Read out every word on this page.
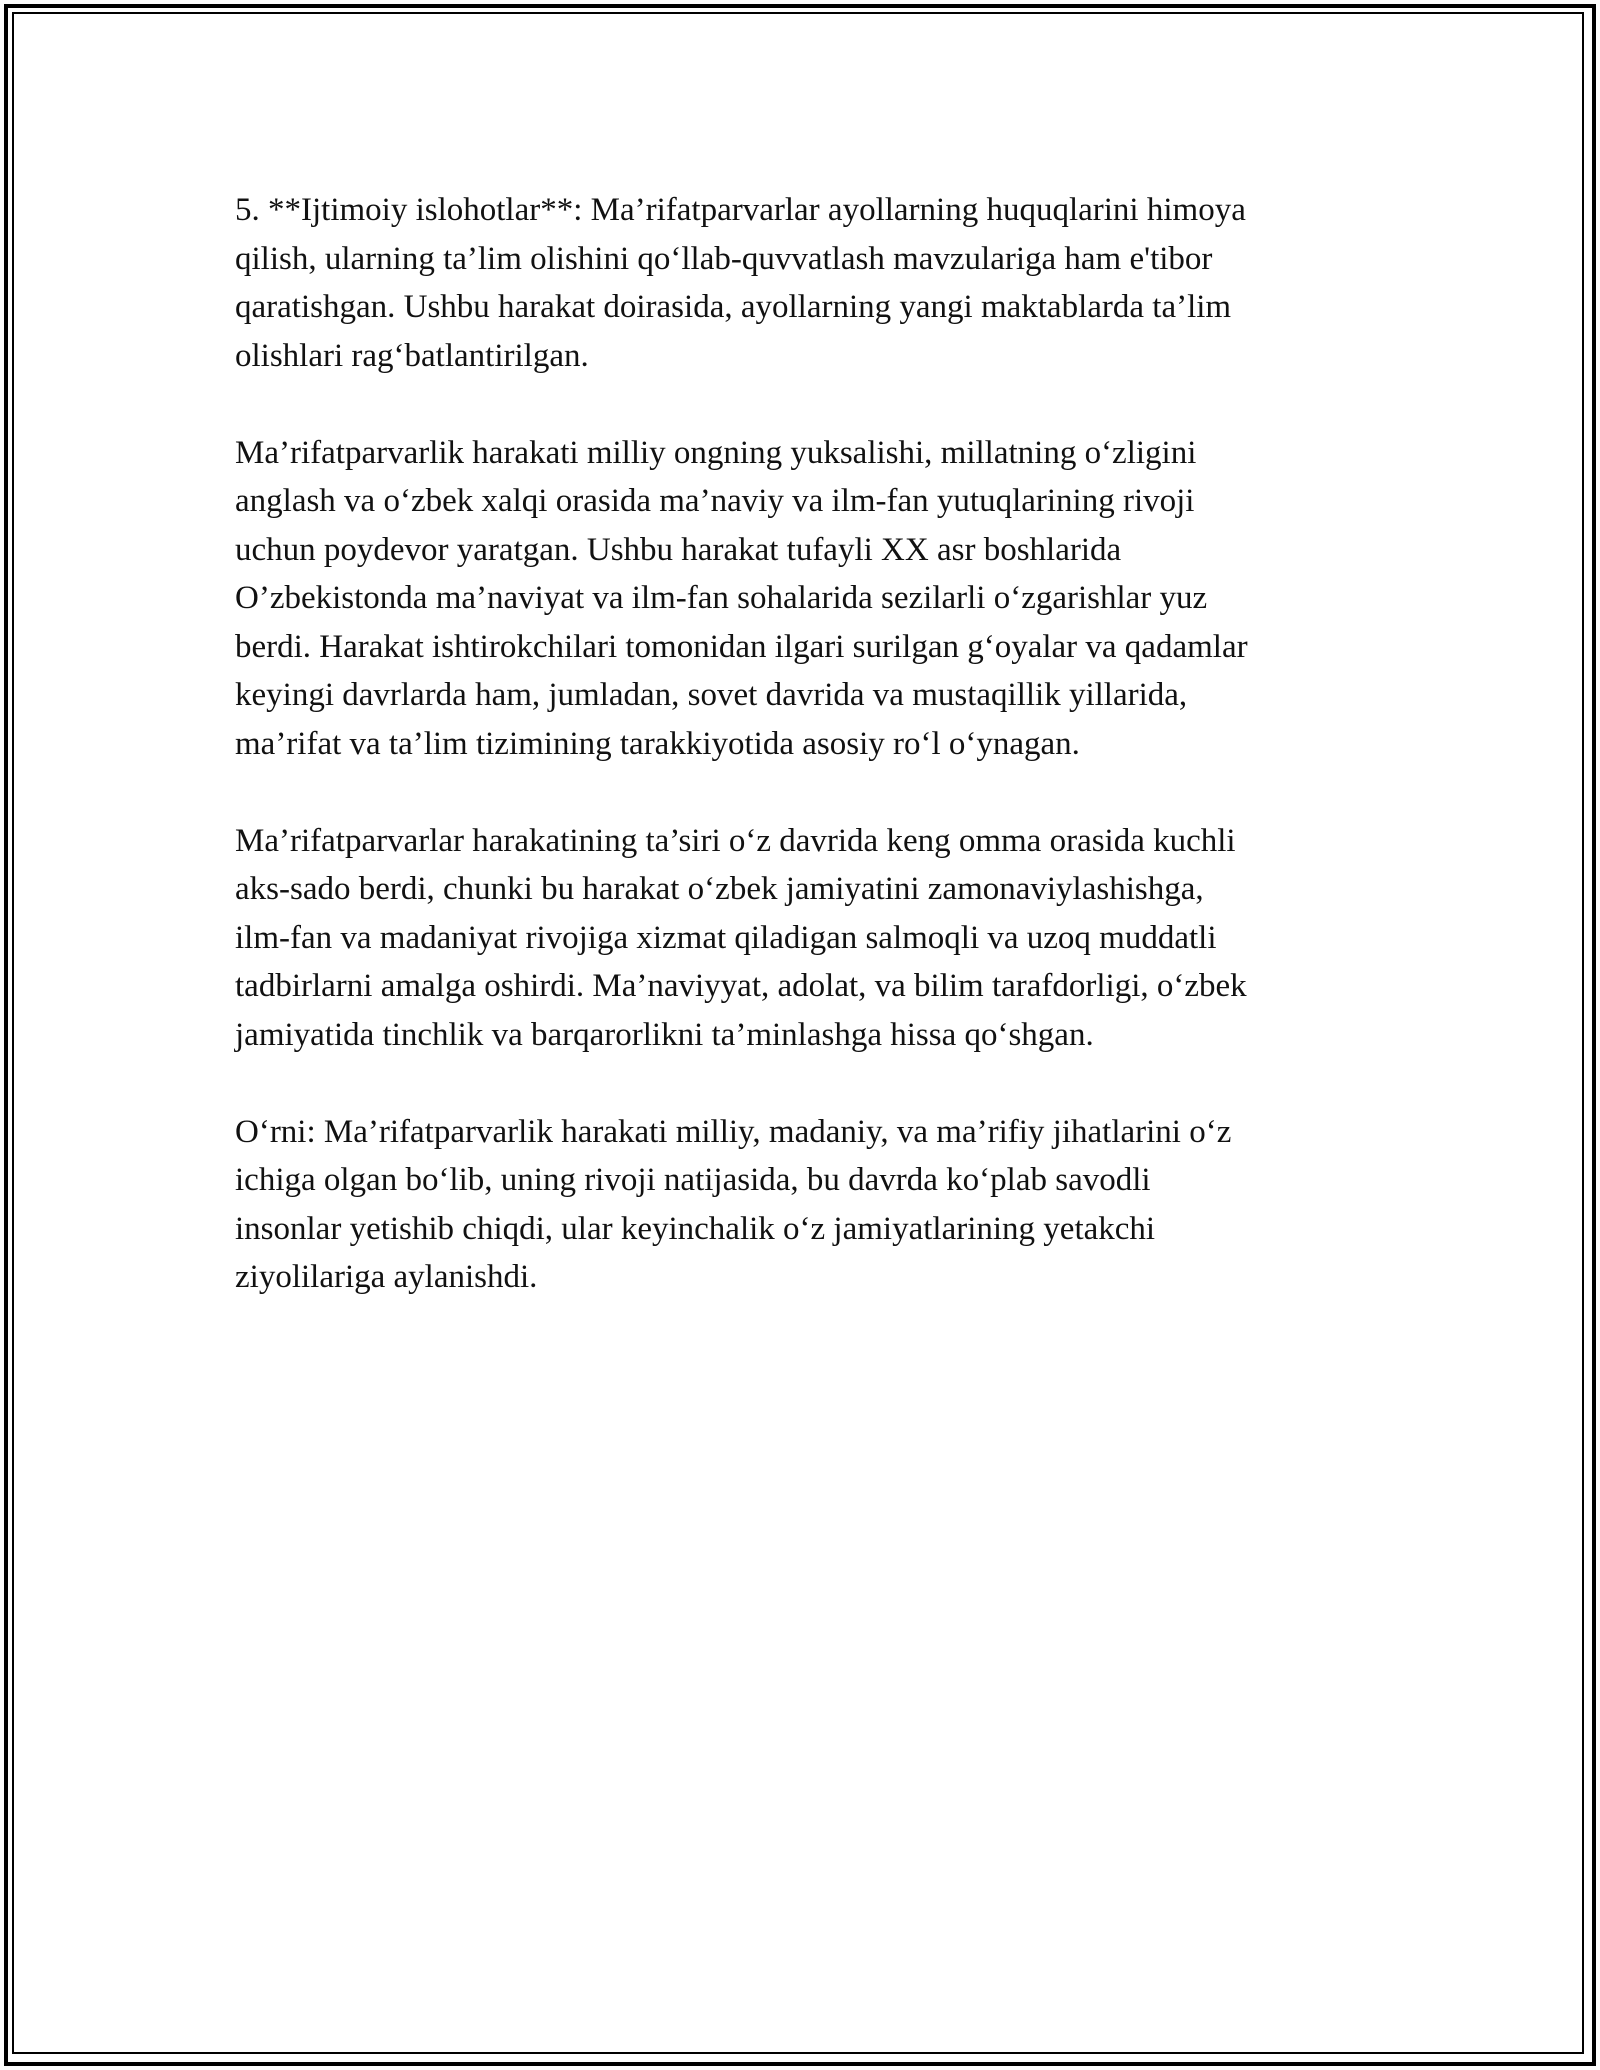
5. **Ijtimoiy islohotlar**: Ma’rifatparvarlar ayollarning huquqlarini himoya
qilish, ularning ta’lim olishini qo‘llab-quvvatlash mavzulariga ham e'tibor
qaratishgan. Ushbu harakat doirasida, ayollarning yangi maktablarda ta’lim
olishlari rag‘batlantirilgan.

Ma’rifatparvarlik harakati milliy ongning yuksalishi, millatning o‘zligini
anglash va o‘zbek xalqi orasida ma’naviy va ilm-fan yutuqlarining rivoji
uchun poydevor yaratgan. Ushbu harakat tufayli XX asr boshlarida
O’zbekistonda ma’naviyat va ilm-fan sohalarida sezilarli o‘zgarishlar yuz
berdi. Harakat ishtirokchilari tomonidan ilgari surilgan g‘oyalar va qadamlar
keyingi davrlarda ham, jumladan, sovet davrida va mustaqillik yillarida,
ma’rifat va ta’lim tizimining tarakkiyotida asosiy ro‘l o‘ynagan.

Ma’rifatparvarlar harakatining ta’siri o‘z davrida keng omma orasida kuchli
aks-sado berdi, chunki bu harakat o‘zbek jamiyatini zamonaviylashishga,
ilm-fan va madaniyat rivojiga xizmat qiladigan salmoqli va uzoq muddatli
tadbirlarni amalga oshirdi. Ma’naviyyat, adolat, va bilim tarafdorligi, o‘zbek
jamiyatida tinchlik va barqarorlikni ta’minlashga hissa qo‘shgan.

O‘rni: Ma’rifatparvarlik harakati milliy, madaniy, va ma’rifiy jihatlarini o‘z
ichiga olgan bo‘lib, uning rivoji natijasida, bu davrda ko‘plab savodli
insonlar yetishib chiqdi, ular keyinchalik o‘z jamiyatlarining yetakchi
ziyolilariga aylanishdi.
